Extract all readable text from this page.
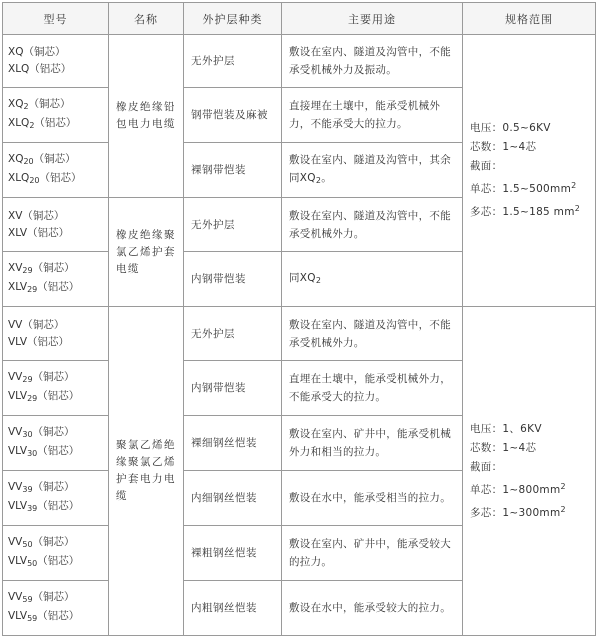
型号	名称	外护层种类	主要用途	规格范围

XQ（铜芯）
XLQ（铝芯）	橡皮绝缘铅包电力电缆	无外护层	敷设在室内、隧道及沟管中，不能承受机械外力及振动。	电压：0.5~6KV
芯数：1~4芯
截面：
单芯：$1.5\sim 500mm^2$
多芯：1.5~185 $mm^2$

$XQ_2$（铜芯）
$XLQ_2$（铝芯）		钢带恺装及麻被	直接埋在土壤中，能承受机械外力，不能承受大的拉力。	

$XQ_{20}$（铜芯）
$XLQ_{20}$（铝芯）		裸钢带恺装	敷设在室内、隧道及沟管中，其余同$XQ_2$。	

XV（铜芯）
XLV（铝芯）	橡皮绝缘聚氯乙烯护套电缆	无外护层	敷设在室内、隧道及沟管中，不能承受机械外力。	

$XV_{29}$（铜芯）
$XLV_{29}$（铝芯）		内钢带恺装	同$XQ_2$

VV（铜芯）
VLV（铝芯）	聚氯乙烯绝缘聚氯乙烯护套电力电缆	无外护层	敷设在室内、隧道及沟管中，不能承受机械外力。	电压：1、6KV
芯数：1~4芯
截面：
单芯：$1\sim 800mm^2$
多芯：$1\sim 300mm^2$

$VV_{29}$（铜芯）
$VLV_{29}$（铝芯）		内钢带恺装	直埋在土壤中，能承受机械外力，不能承受大的拉力。	

$VV_{30}$（铜芯）
$VLV_{30}$（铝芯）		裸细钢丝恺装	敷设在室内、矿井中，能承受机械外力和相当的拉力。	

$VV_{39}$（铜芯）
$VLV_{39}$（铝芯）		内细钢丝恺装	敷设在水中，能承受相当的拉力。	

$VV_{50}$（铜芯）
$VLV_{50}$（铝芯）		裸粗钢丝恺装	敷设在室内、矿井中，能承受较大的拉力。	

$VV_{59}$（铜芯）
$VLV_{59}$（铝芯）		内粗钢丝恺装	敷设在水中，能承受较大的拉力。	
